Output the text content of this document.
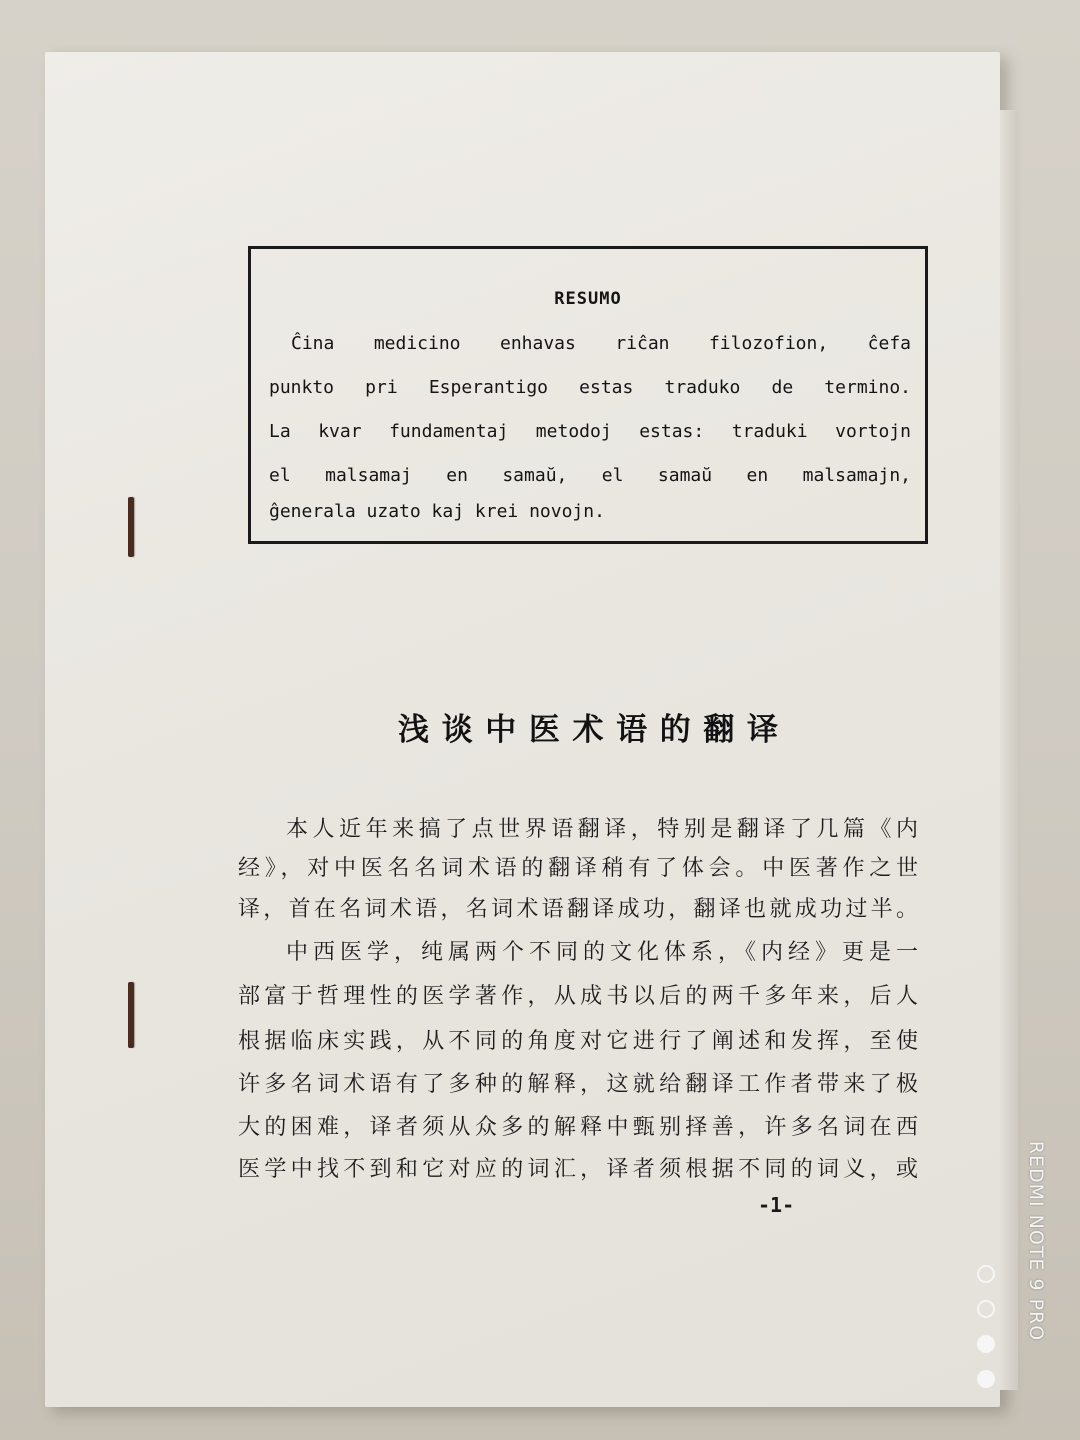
RESUMO
Ĉina medicino enhavas riĉan filozofion, ĉefa
punkto pri Esperantigo estas traduko de termino.
La kvar fundamentaj metodoj estas: traduki vortojn
el malsamaj en samaŭ, el samaŭ en malsamajn,
ĝenerala uzato kaj krei novojn.
浅谈中医术语的翻译
本人近年来搞了点世界语翻译，特别是翻译了几篇《内
经》，对中医名名词术语的翻译稍有了体会。中医著作之世
译，首在名词术语，名词术语翻译成功，翻译也就成功过半。
中西医学，纯属两个不同的文化体系，《内经》更是一
部富于哲理性的医学著作，从成书以后的两千多年来，后人
根据临床实践，从不同的角度对它进行了阐述和发挥，至使
许多名词术语有了多种的解释，这就给翻译工作者带来了极
大的困难，译者须从众多的解释中甄别择善，许多名词在西
医学中找不到和它对应的词汇，译者须根据不同的词义，或
-1-	REDMI NOTE 9 PRO
